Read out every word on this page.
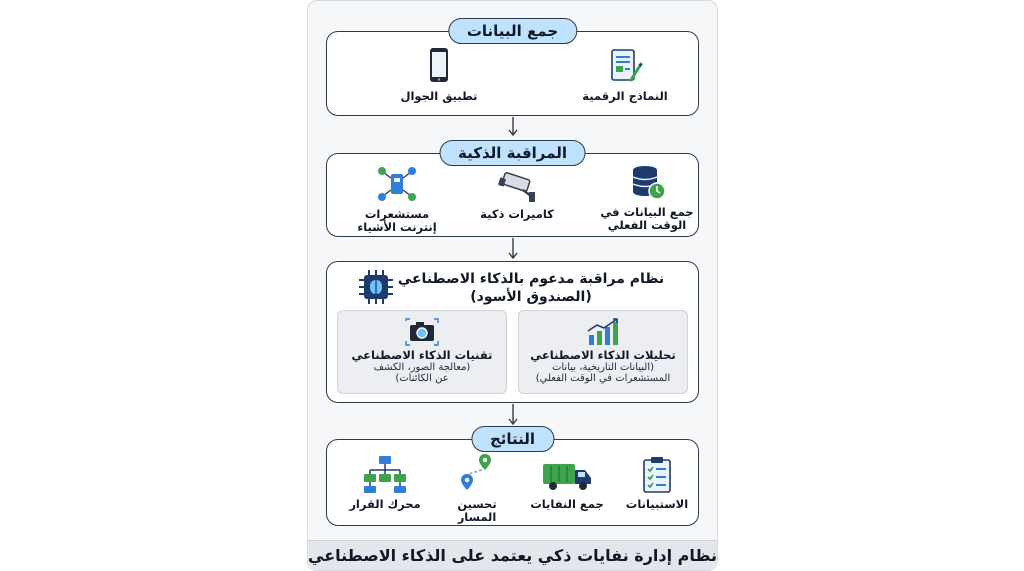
جمع البيانات
النماذج الرقمية
تطبيق الجوال
المراقبة الذكية
جمع البيانات في
الوقت الفعلي
كاميرات ذكية
مستشعرات
إنترنت الأشياء
نظام مراقبة مدعوم بالذكاء الاصطناعي
(الصندوق الأسود)
تحليلات الذكاء الاصطناعي
(البيانات التاريخية، بيانات
المستشعرات في الوقت الفعلي)
تقنيات الذكاء الاصطناعي
(معالجة الصور، الكشف
عن الكائنات)
النتائج
الاستبيانات
جمع النفايات
تحسين المسار
محرك القرار
نظام إدارة نفايات ذكي يعتمد على الذكاء الاصطناعي
